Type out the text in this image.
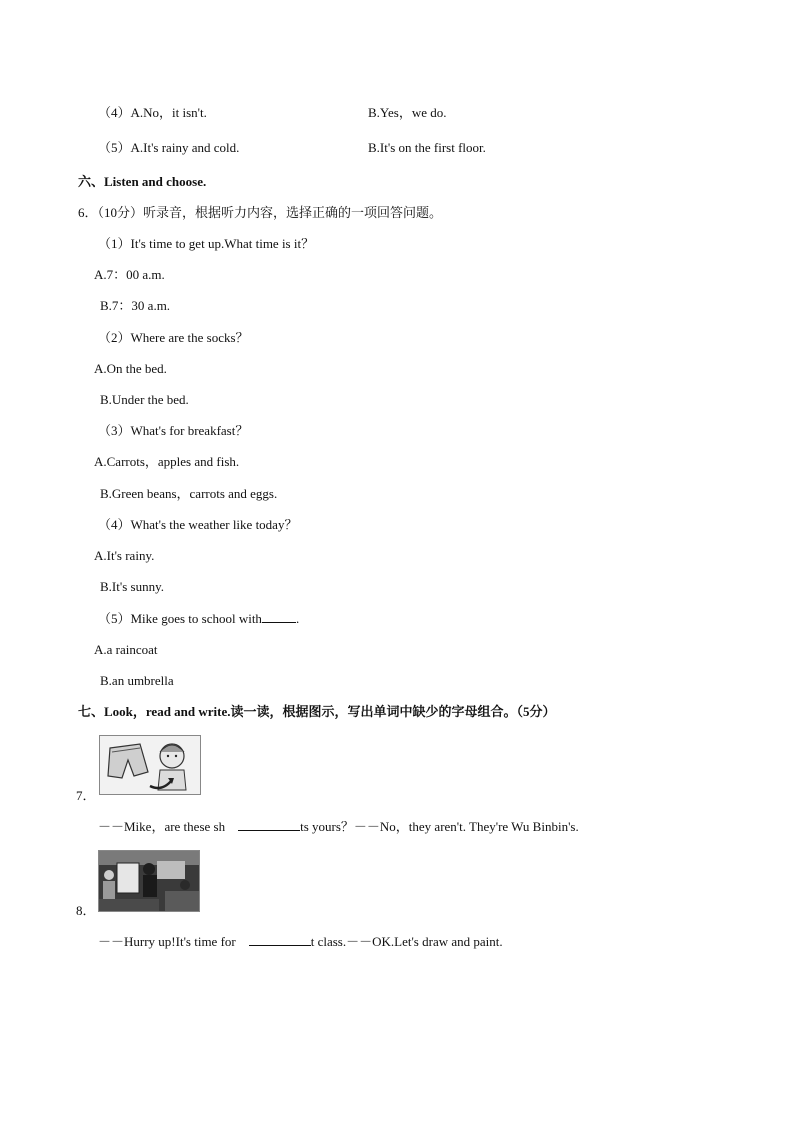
（4）A.No，it isn't.	B.Yes，we do.
（5）A.It's rainy and cold.	B.It's on the first floor.
六、Listen and choose.
6．（10分）听录音，根据听力内容，选择正确的一项回答问题。
（1）It's time to get up.What time is it？
A.7：00 a.m.
B.7：30 a.m.
（2）Where are the socks？
A.On the bed.
B.Under the bed.
（3）What's for breakfast？
A.Carrots，apples and fish.
B.Green beans，carrots and eggs.
（4）What's the weather like today？
A.It's rainy.
B.It's sunny.
（5）Mike goes to school with	.
A.a raincoat
B.an umbrella
七、Look，read and write.读一读，根据图示，写出单词中缺少的字母组合。（5分）
7．
－－Mike，are these sh	ts yours？－－No，they aren't. They're Wu Binbin's.
8．
－－Hurry up!It's time for	t class.－－OK.Let's draw and paint.
